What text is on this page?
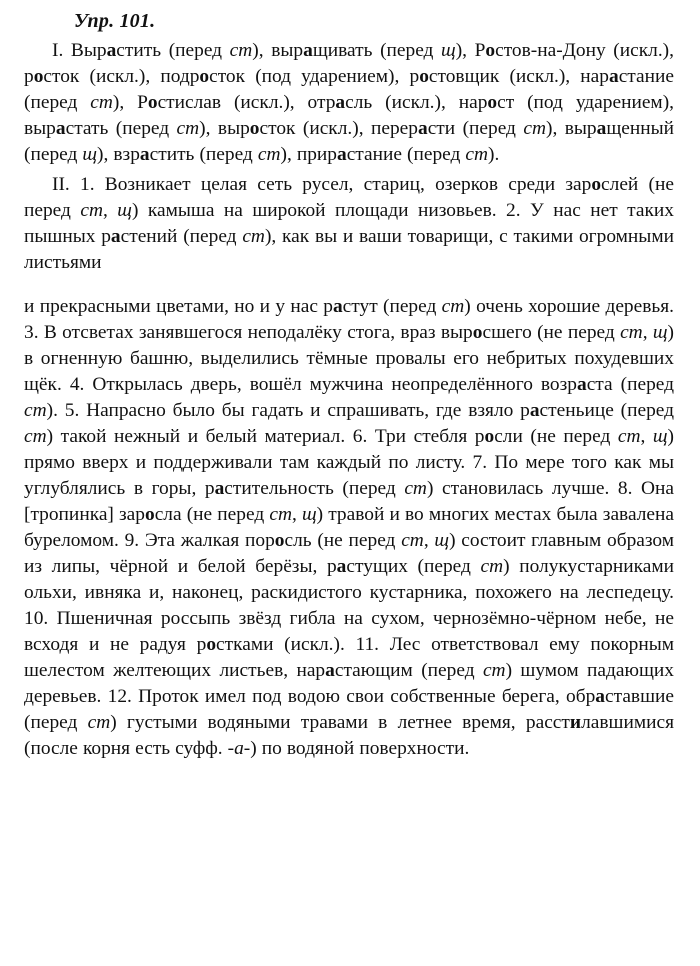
Упр. 101.

I. Вырастить (перед ст), выращивать (перед щ), Ростов-на-Дону (искл.), росток (искл.), подросток (под ударением), ростовщик (искл.), нарастание (перед ст), Ростислав (искл.), отрасль (искл.), нарост (под ударением), вырастать (перед ст), выросток (искл.), перерасти (перед ст), выращенный (перед щ), взрастить (перед ст), прирастание (перед ст).

II. 1. Возникает целая сеть русел, стариц, озерков среди зарослей (не перед ст, щ) камыша на широкой площади низовьев. 2. У нас нет таких пышных растений (перед ст), как вы и ваши товарищи, с такими огромными листьями

и прекрасными цветами, но и у нас растут (перед ст) очень хорошие деревья. 3. В отсветах занявшегося неподалёку стога, враз выросшего (не перед ст, щ) в огненную башню, выделились тёмные провалы его небритых похудевших щёк. 4. Открылась дверь, вошёл мужчина неопределённого возраста (перед ст). 5. Напрасно было бы гадать и спрашивать, где взяло растеньице (перед ст) такой нежный и белый материал. 6. Три стебля росли (не перед ст, щ) прямо вверх и поддерживали там каждый по листу. 7. По мере того как мы углублялись в горы, растительность (перед ст) становилась лучше. 8. Она [тропинка] заросла (не перед ст, щ) травой и во многих местах была завалена буреломом. 9. Эта жалкая поросль (не перед ст, щ) состоит главным образом из липы, чёрной и белой берёзы, растущих (перед ст) полукустарниками ольхи, ивняка и, наконец, раскидистого кустарника, похожего на леспедецу. 10. Пшеничная россыпь звёзд гибла на сухом, чернозёмно-чёрном небе, не всходя и не радуя ростками (искл.). 11. Лес ответствовал ему покорным шелестом желтеющих листьев, нарастающим (перед ст) шумом падающих деревьев. 12. Проток имел под водою свои собственные берега, обраставшие (перед ст) густыми водяными травами в летнее время, расстилавшимися (после корня есть суфф. -а-) по водяной поверхности.
